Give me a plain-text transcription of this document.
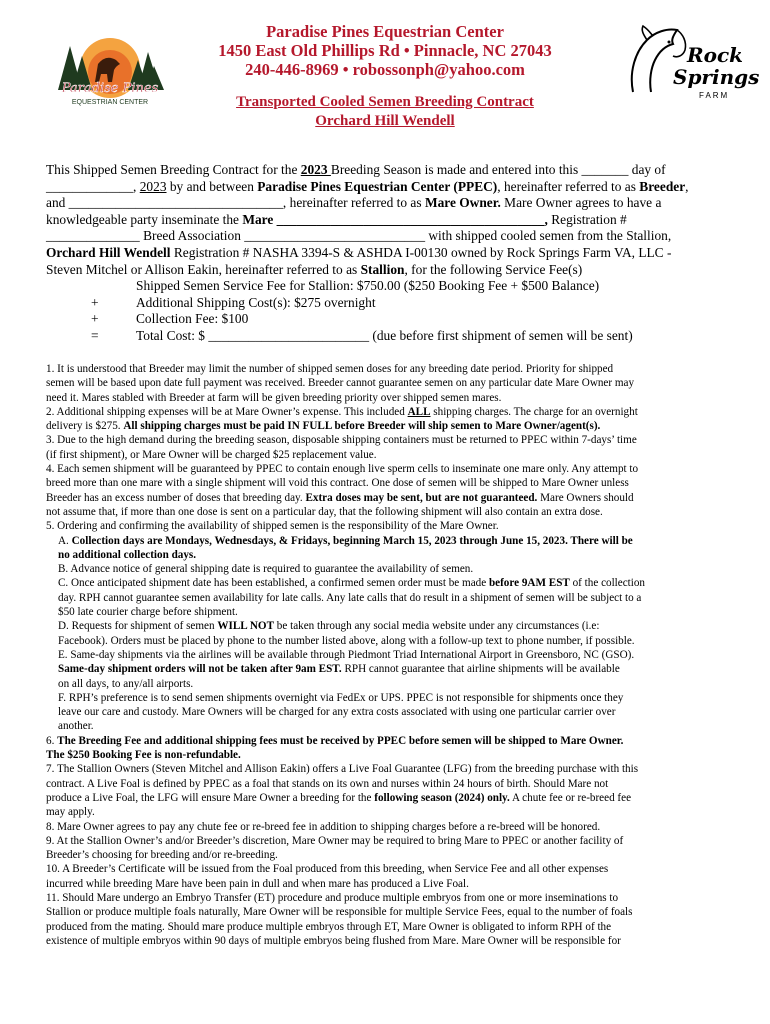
Paradise Pines
EQUESTRIAN CENTER
Rock
Springs
FARM
Paradise Pines Equestrian Center
1450 East Old Phillips Rd • Pinnacle, NC 27043
240-446-8969 • robossonph@yahoo.com
Transported Cooled Semen Breeding Contract
Orchard Hill Wendell

This Shipped Semen Breeding Contract for the 2023 Breeding Season is made and entered into this _______ day of

_____________, 2023 by and between Paradise Pines Equestrian Center (PPEC), hereinafter referred to as Breeder,

and ________________________________, hereinafter referred to as Mare Owner. Mare Owner agrees to have a

knowledgeable party inseminate the Mare ________________________________________, Registration #

______________ Breed Association ___________________________ with shipped cooled semen from the Stallion,

Orchard Hill Wendell Registration # NASHA 3394-S & ASHDA I-00130 owned by Rock Springs Farm VA, LLC -

Steven Mitchel or Allison Eakin, hereinafter referred to as Stallion, for the following Service Fee(s)

Shipped Semen Service Fee for Stallion: $750.00 ($250 Booking Fee + $500 Balance)

+	Additional Shipping Cost(s): $275 overnight

+	Collection Fee: $100

=	Total Cost: $ ________________________ (due before first shipment of semen will be sent)

1. It is understood that Breeder may limit the number of shipped semen doses for any breeding date period. Priority for shipped

semen will be based upon date full payment was received. Breeder cannot guarantee semen on any particular date Mare Owner may

need it. Mares stabled with Breeder at farm will be given breeding priority over shipped semen mares.

2. Additional shipping expenses will be at Mare Owner’s expense. This included ALL shipping charges. The charge for an overnight

delivery is $275. All shipping charges must be paid IN FULL before Breeder will ship semen to Mare Owner/agent(s).

3. Due to the high demand during the breeding season, disposable shipping containers must be returned to PPEC within 7-days’ time

(if first shipment), or Mare Owner will be charged $25 replacement value.

4. Each semen shipment will be guaranteed by PPEC to contain enough live sperm cells to inseminate one mare only. Any attempt to

breed more than one mare with a single shipment will void this contract. One dose of semen will be shipped to Mare Owner unless

Breeder has an excess number of doses that breeding day. Extra doses may be sent, but are not guaranteed. Mare Owners should

not assume that, if more than one dose is sent on a particular day, that the following shipment will also contain an extra dose.

5. Ordering and confirming the availability of shipped semen is the responsibility of the Mare Owner.

A. Collection days are Mondays, Wednesdays, & Fridays, beginning March 15, 2023 through June 15, 2023. There will be

no additional collection days.

B. Advance notice of general shipping date is required to guarantee the availability of semen.

C. Once anticipated shipment date has been established, a confirmed semen order must be made before 9AM EST of the collection

day. RPH cannot guarantee semen availability for late calls. Any late calls that do result in a shipment of semen will be subject to a

$50 late courier charge before shipment.

D. Requests for shipment of semen WILL NOT be taken through any social media website under any circumstances (i.e:

Facebook). Orders must be placed by phone to the number listed above, along with a follow-up text to phone number, if possible.

E. Same-day shipments via the airlines will be available through Piedmont Triad International Airport in Greensboro, NC (GSO).

Same-day shipment orders will not be taken after 9am EST. RPH cannot guarantee that airline shipments will be available

on all days, to any/all airports.

F. RPH’s preference is to send semen shipments overnight via FedEx or UPS. PPEC is not responsible for shipments once they

leave our care and custody. Mare Owners will be charged for any extra costs associated with using one particular carrier over

another.

6. The Breeding Fee and additional shipping fees must be received by PPEC before semen will be shipped to Mare Owner.

The $250 Booking Fee is non-refundable.

7. The Stallion Owners (Steven Mitchel and Allison Eakin) offers a Live Foal Guarantee (LFG) from the breeding purchase with this

contract. A Live Foal is defined by PPEC as a foal that stands on its own and nurses within 24 hours of birth. Should Mare not

produce a Live Foal, the LFG will ensure Mare Owner a breeding for the following season (2024) only. A chute fee or re-breed fee

may apply.

8. Mare Owner agrees to pay any chute fee or re-breed fee in addition to shipping charges before a re-breed will be honored.

9. At the Stallion Owner’s and/or Breeder’s discretion, Mare Owner may be required to bring Mare to PPEC or another facility of

Breeder’s choosing for breeding and/or re-breeding.

10. A Breeder’s Certificate will be issued from the Foal produced from this breeding, when Service Fee and all other expenses

incurred while breeding Mare have been pain in dull and when mare has produced a Live Foal.

11. Should Mare undergo an Embryo Transfer (ET) procedure and produce multiple embryos from one or more inseminations to

Stallion or produce multiple foals naturally, Mare Owner will be responsible for multiple Service Fees, equal to the number of foals

produced from the mating. Should mare produce multiple embryos through ET, Mare Owner is obligated to inform RPH of the

existence of multiple embryos within 90 days of multiple embryos being flushed from Mare. Mare Owner will be responsible for
